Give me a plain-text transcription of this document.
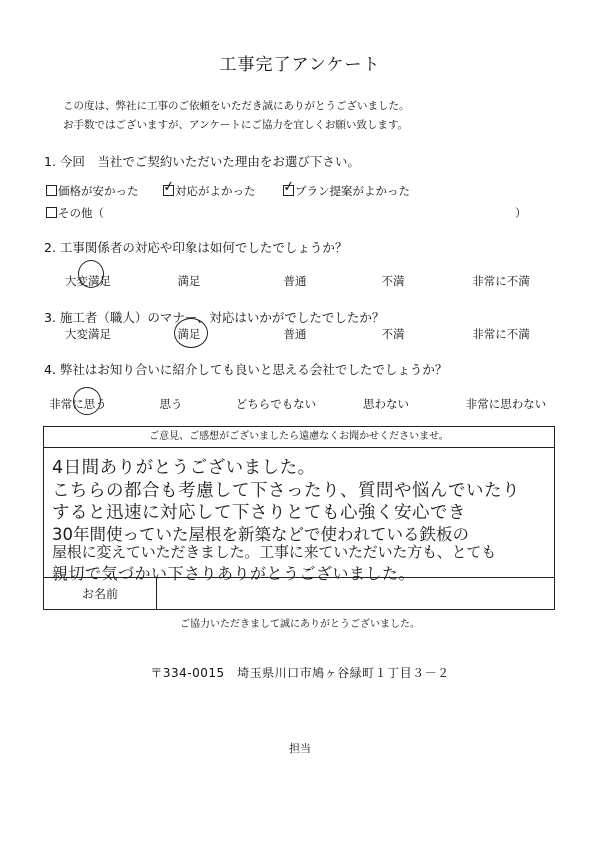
工事完了アンケート
この度は、弊社に工事のご依頼をいただき誠にありがとうございました。
お手数ではございますが、アンケートにご協力を宜しくお願い致します。
1. 今回　当社でご契約いただいた理由をお選び下さい。
価格が安かった ✓ 対応がよかった ✓ プラン提案がよかった
その他（	）
2. 工事関係者の対応や印象は如何でしたでしょうか？
大変満足	満足	普通	不満	非常に不満
3. 施工者（職人）のマナー、対応はいかがでしたでしたか？
大変満足	満足	普通	不満	非常に不満
4. 弊社はお知り合いに紹介しても良いと思える会社でしたでしょうか？
非常に思う	思う	どちらでもない	思わない	非常に思わない
ご意見、ご感想がございましたら遠慮なくお聞かせくださいませ。
4日間ありがとうございました。
こちらの都合も考慮して下さったり、質問や悩んでいたり
すると迅速に対応して下さりとても心強く安心でき
30年間使っていた屋根を新築などで使われている鉄板の
屋根に変えていただきました。工事に来ていただいた方も、とても
親切で気づかい下さりありがとうございました。
お名前
ご協力いただきまして誠にありがとうございました。
〒334-0015　埼玉県川口市鳩ヶ谷緑町１丁目３－２
担当
